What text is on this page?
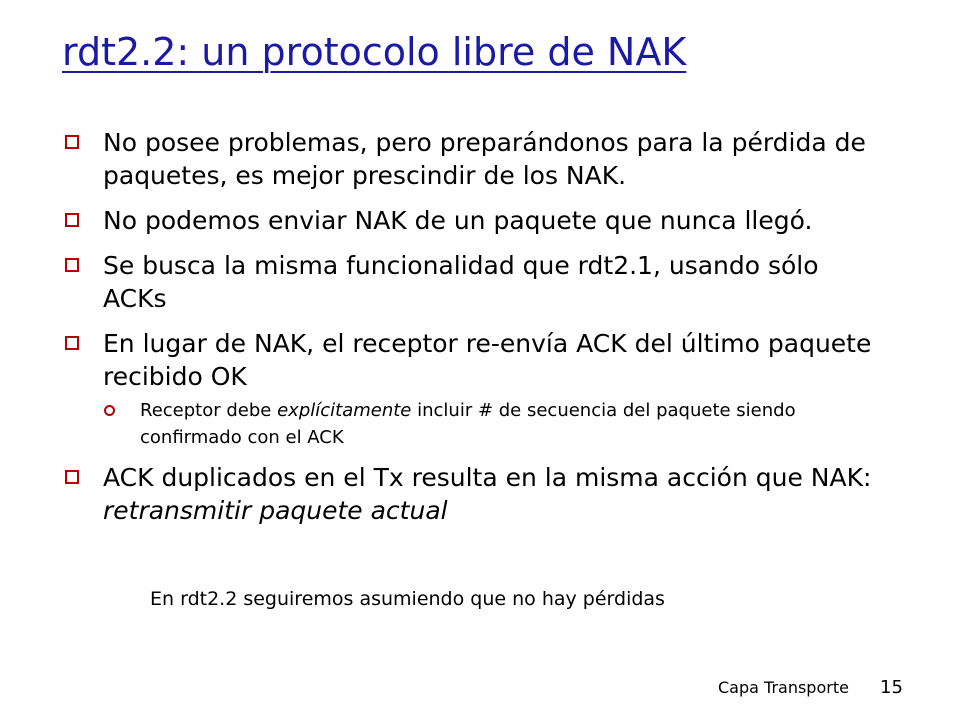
rdt2.2: un protocolo libre de NAK
No posee problemas, pero preparándonos para la pérdida de paquetes, es mejor prescindir de los NAK.
No podemos enviar NAK de un paquete que nunca llegó.
Se busca la misma funcionalidad que rdt2.1, usando sólo ACKs
En lugar de NAK, el receptor re-envía ACK del último paquete recibido OK
Receptor debe explícitamente incluir # de secuencia del paquete siendo confirmado con el ACK
ACK duplicados en el Tx resulta en la misma acción que NAK: retransmitir paquete actual
En rdt2.2 seguiremos asumiendo que no hay pérdidas
Capa Transporte 15
